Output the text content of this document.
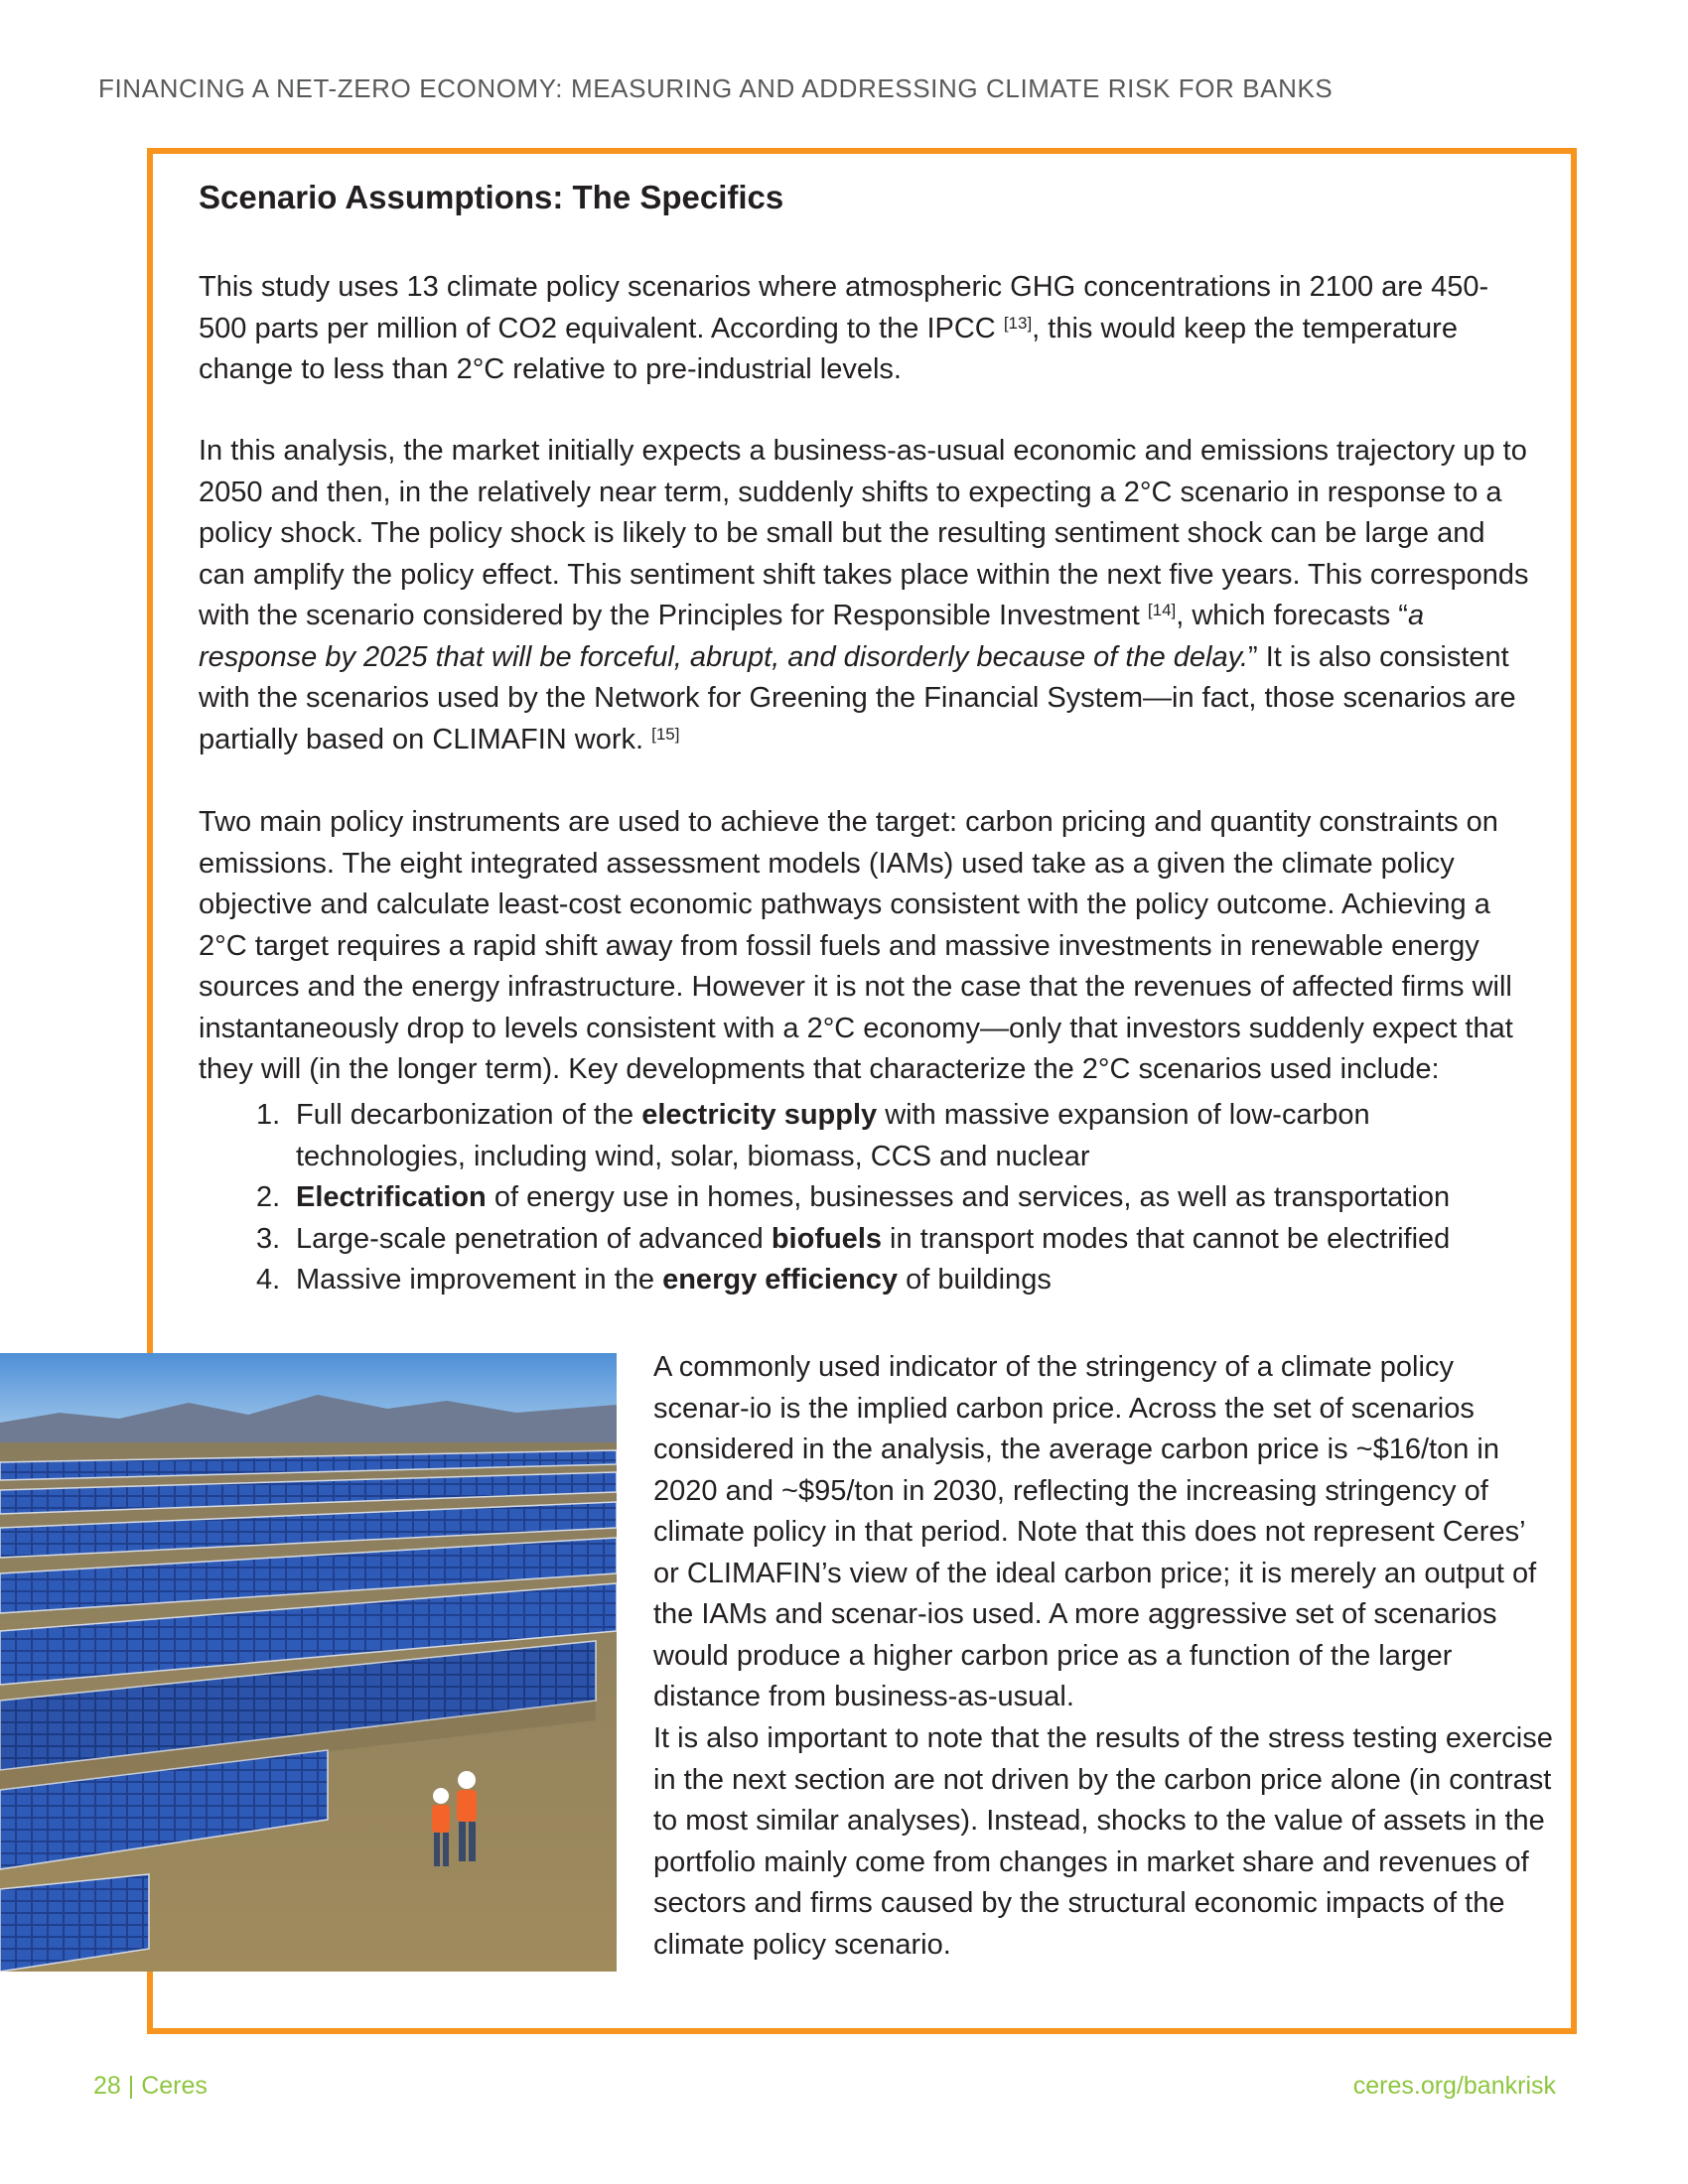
FINANCING A NET-ZERO ECONOMY: MEASURING AND ADDRESSING CLIMATE RISK FOR BANKS
Scenario Assumptions: The Specifics

This study uses 13 climate policy scenarios where atmospheric GHG concentrations in 2100 are 450-500 parts per million of CO2 equivalent. According to the IPCC [13], this would keep the temperature change to less than 2°C relative to pre-industrial levels.

In this analysis, the market initially expects a business-as-usual economic and emissions trajectory up to 2050 and then, in the relatively near term, suddenly shifts to expecting a 2°C scenario in response to a policy shock. The policy shock is likely to be small but the resulting sentiment shock can be large and can amplify the policy effect. This sentiment shift takes place within the next five years. This corresponds with the scenario considered by the Principles for Responsible Investment [14], which forecasts “a response by 2025 that will be forceful, abrupt, and disorderly because of the delay.” It is also consistent with the scenarios used by the Network for Greening the Financial System—in fact, those scenarios are partially based on CLIMAFIN work. [15]

Two main policy instruments are used to achieve the target: carbon pricing and quantity constraints on emissions. The eight integrated assessment models (IAMs) used take as a given the climate policy objective and calculate least-cost economic pathways consistent with the policy outcome. Achieving a 2°C target requires a rapid shift away from fossil fuels and massive investments in renewable energy sources and the energy infrastructure. However it is not the case that the revenues of affected firms will instantaneously drop to levels consistent with a 2°C economy—only that investors suddenly expect that they will (in the longer term). Key developments that characterize the 2°C scenarios used include:

1. Full decarbonization of the electricity supply with massive expansion of low-carbon technologies, including wind, solar, biomass, CCS and nuclear
2. Electrification of energy use in homes, businesses and services, as well as transportation
3. Large-scale penetration of advanced biofuels in transport modes that cannot be electrified
4. Massive improvement in the energy efficiency of buildings

A commonly used indicator of the stringency of a climate policy scenar-io is the implied carbon price. Across the set of scenarios considered in the analysis, the average carbon price is ~$16/ton in 2020 and ~$95/ton in 2030, reflecting the increasing stringency of climate policy in that period. Note that this does not represent Ceres’ or CLIMAFIN’s view of the ideal carbon price; it is merely an output of the IAMs and scenar-ios used. A more aggressive set of scenarios would produce a higher carbon price as a function of the larger distance from business-as-usual.

It is also important to note that the results of the stress testing exercise in the next section are not driven by the carbon price alone (in contrast to most similar analyses). Instead, shocks to the value of assets in the portfolio mainly come from changes in market share and revenues of sectors and firms caused by the structural economic impacts of the climate policy scenario.

28 | Ceres	ceres.org/bankrisk
